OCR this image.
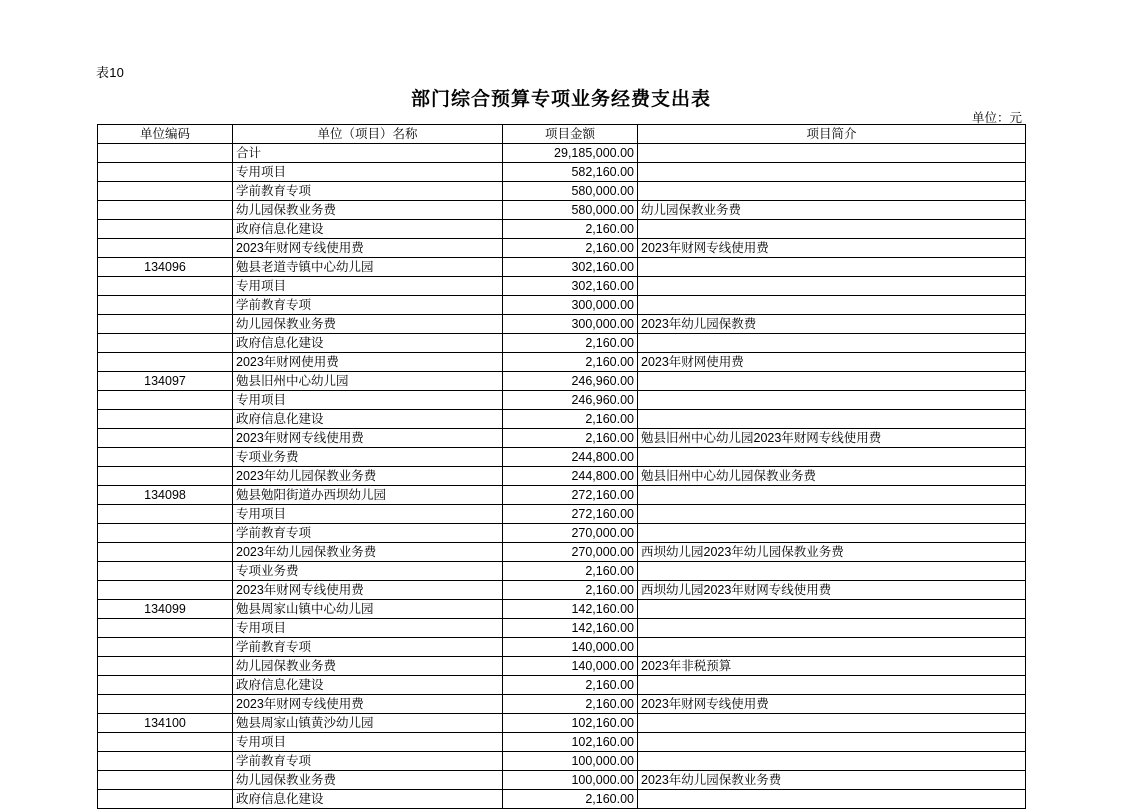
表10
部门综合预算专项业务经费支出表
单位：元
单位编码	单位（项目）名称	项目金额	项目简介
	合计	29,185,000.00	
	专用项目	582,160.00	
	学前教育专项	580,000.00	
	幼儿园保教业务费	580,000.00	幼儿园保教业务费
	政府信息化建设	2,160.00	
	2023年财网专线使用费	2,160.00	2023年财网专线使用费
134096	勉县老道寺镇中心幼儿园	302,160.00	
	专用项目	302,160.00	
	学前教育专项	300,000.00	
	幼儿园保教业务费	300,000.00	2023年幼儿园保教费
	政府信息化建设	2,160.00	
	2023年财网使用费	2,160.00	2023年财网使用费
134097	勉县旧州中心幼儿园	246,960.00	
	专用项目	246,960.00	
	政府信息化建设	2,160.00	
	2023年财网专线使用费	2,160.00	勉县旧州中心幼儿园2023年财网专线使用费
	专项业务费	244,800.00	
	2023年幼儿园保教业务费	244,800.00	勉县旧州中心幼儿园保教业务费
134098	勉县勉阳街道办西坝幼儿园	272,160.00	
	专用项目	272,160.00	
	学前教育专项	270,000.00	
	2023年幼儿园保教业务费	270,000.00	西坝幼儿园2023年幼儿园保教业务费
	专项业务费	2,160.00	
	2023年财网专线使用费	2,160.00	西坝幼儿园2023年财网专线使用费
134099	勉县周家山镇中心幼儿园	142,160.00	
	专用项目	142,160.00	
	学前教育专项	140,000.00	
	幼儿园保教业务费	140,000.00	2023年非税预算
	政府信息化建设	2,160.00	
	2023年财网专线使用费	2,160.00	2023年财网专线使用费
134100	勉县周家山镇黄沙幼儿园	102,160.00	
	专用项目	102,160.00	
	学前教育专项	100,000.00	
	幼儿园保教业务费	100,000.00	2023年幼儿园保教业务费
	政府信息化建设	2,160.00	
